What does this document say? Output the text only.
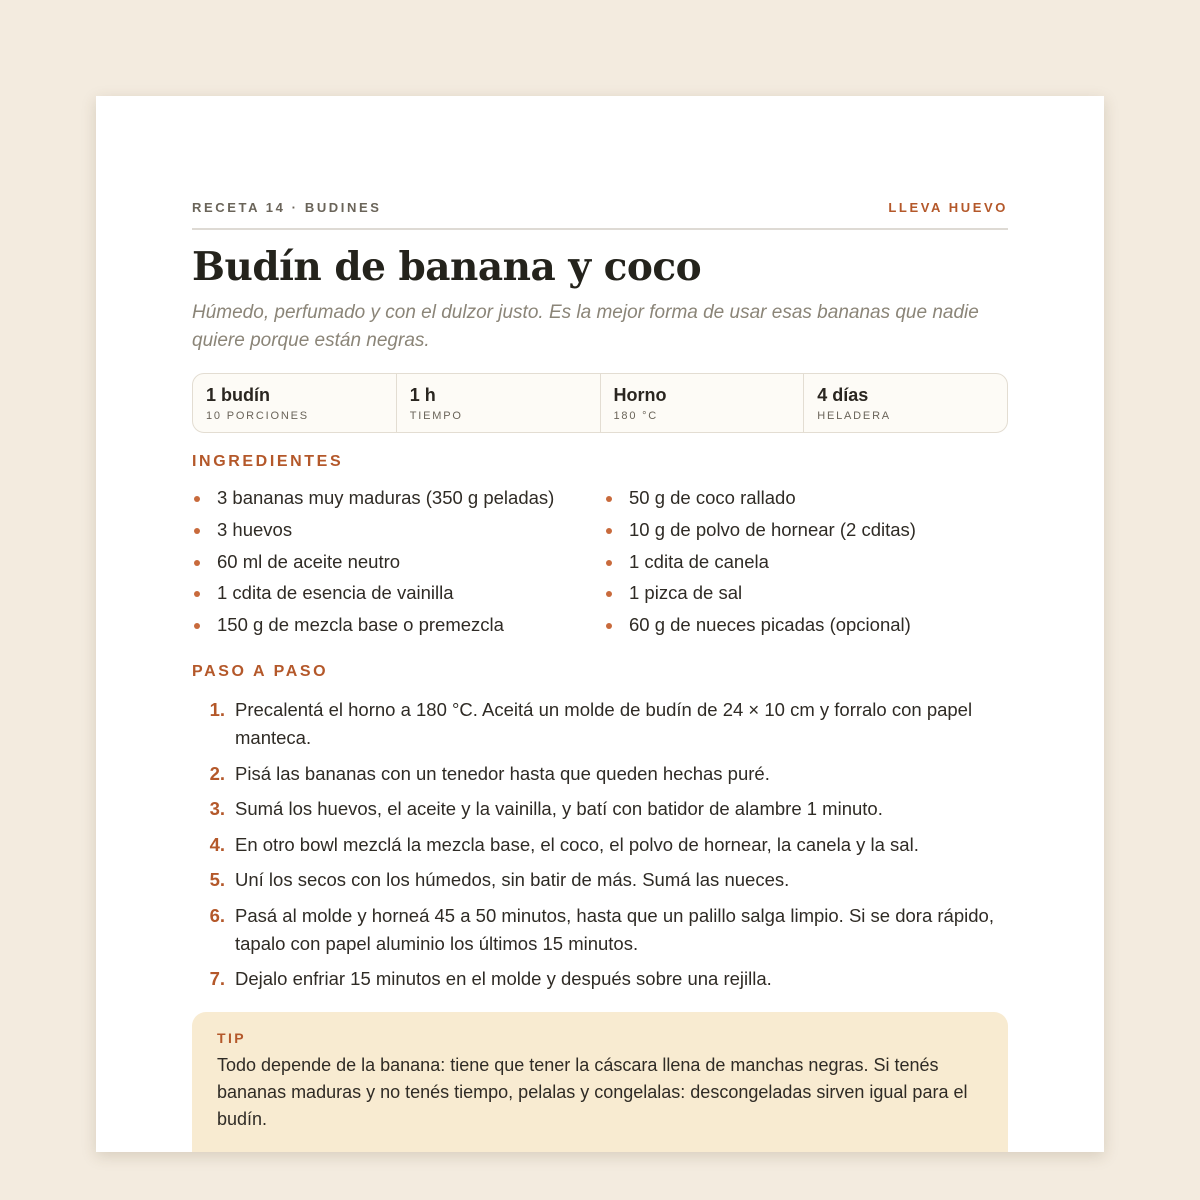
RECETA 14 · BUDINES	LLEVA HUEVO
Budín de banana y coco

Húmedo, perfumado y con el dulzor justo. Es la mejor forma de usar esas bananas que nadie quiere porque están negras.

1 budín
10 PORCIONES
1 h
TIEMPO
Horno
180 °C
4 días
HELADERA
INGREDIENTES
3 bananas muy maduras (350 g peladas)
3 huevos
60 ml de aceite neutro
1 cdita de esencia de vainilla
150 g de mezcla base o premezcla
50 g de coco rallado
10 g de polvo de hornear (2 cditas)
1 cdita de canela
1 pizca de sal
60 g de nueces picadas (opcional)
PASO A PASO
1. Precalentá el horno a 180 °C. Aceitá un molde de budín de 24 × 10 cm y forralo con papel manteca.
2. Pisá las bananas con un tenedor hasta que queden hechas puré.
3. Sumá los huevos, el aceite y la vainilla, y batí con batidor de alambre 1 minuto.
4. En otro bowl mezclá la mezcla base, el coco, el polvo de hornear, la canela y la sal.
5. Uní los secos con los húmedos, sin batir de más. Sumá las nueces.
6. Pasá al molde y horneá 45 a 50 minutos, hasta que un palillo salga limpio. Si se dora rápido, tapalo con papel aluminio los últimos 15 minutos.
7. Dejalo enfriar 15 minutos en el molde y después sobre una rejilla.
TIP

Todo depende de la banana: tiene que tener la cáscara llena de manchas negras. Si tenés bananas maduras y no tenés tiempo, pelalas y congelalas: descongeladas sirven igual para el budín.
